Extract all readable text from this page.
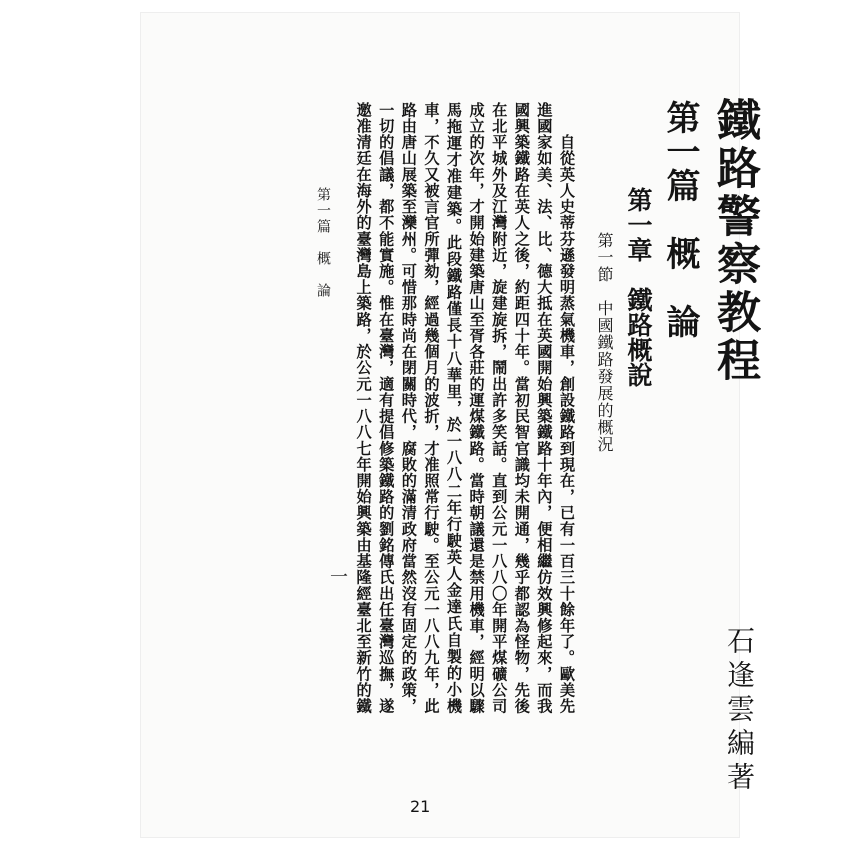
鐵路警察教程
第一篇　概　論
第一章　鐵路概說
第一節　中國鐵路發展的概況
石逢雲編著
　　自從英人史蒂芬遜發明蒸氣機車，創設鐵路到現在，已有一百三十餘年了。歐美先進國家如美、法、比、德大抵在英國開始興築鐵路十年內，便相繼仿效興修起來，而我國興築鐵路在英人之後，約距四十年。當初民智官識均未開通，幾乎都認為怪物，先後在北平城外及江灣附近，旋建旋拆，鬧出許多笑話。直到公元一八八〇年開平煤礦公司成立的次年，才開始建築唐山至胥各莊的運煤鐵路。當時朝議還是禁用機車，經明以驟馬拖運才准建築。此段鐵路僅長十八華里，於一八八二年行駛英人金達氏自製的小機車，不久又被言官所彈劾，經過幾個月的波折，才准照常行駛。至公元一八八九年，此路由唐山展築至灤州。可惜那時尚在閉關時代，腐敗的滿清政府當然沒有固定的政策，一切的倡議，都不能實施。惟在臺灣，適有提倡修築鐵路的劉銘傳氏出任臺灣巡撫，遂邀准清廷在海外的臺灣島上築路，於公元一八八七年開始興築由基隆經臺北至新竹的鐵
第一篇　概　論
一
21
